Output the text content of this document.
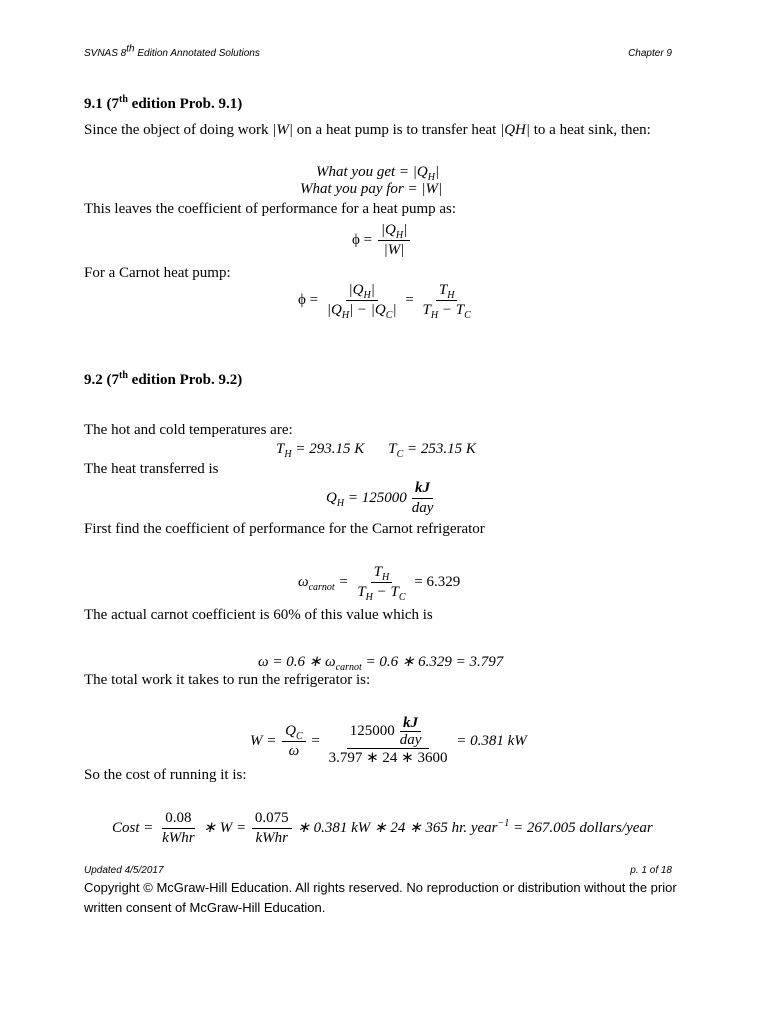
SVNAS 8th Edition Annotated Solutions	Chapter 9
9.1 (7th edition Prob. 9.1)
Since the object of doing work |W| on a heat pump is to transfer heat |QH| to a heat sink, then:
What you get = $|Q_H|$
What you pay for = |W|
This leaves the coefficient of performance for a heat pump as:
$\phi = \frac{|Q_H|}{|W|}$
For a Carnot heat pump:
$\phi = \frac{|Q_H|}{|Q_H| - |Q_C|} = \frac{T_H}{T_H - T_C}$
9.2 (7th edition Prob. 9.2)
The hot and cold temperatures are:
$T_H = 293.15$ K $T_C = 253.15$ K
The heat transferred is
$Q_H = 125000 \frac{kJ}{\text{day}}$
First find the coefficient of performance for the Carnot refrigerator
$\omega_{carnot} = \frac{T_H}{T_H - T_C} = 6.329$
The actual carnot coefficient is 60% of this value which is
ω = 0.6 ∗ $\omega_{carnot} = 0.6$ ∗ 6.329 = 3.797
The total work it takes to run the refrigerator is:
$W = \frac{Q_C}{\omega} = \frac{125000 \frac{kJ}{\text{day}}}{3.797 ∗ 24 ∗ 3600} = 0.381$ kW
So the cost of running it is:
Cost = $\frac{0.08}{\text{kWhr}}$ ∗ $W = \frac{0.075}{\text{kWhr}}$ ∗ 0.381 kW ∗ 24 ∗ 365 hr. year$^{-1}$ = 267.005 dollars/year
Updated 4/5/2017	p. 1 of 18
Copyright © McGraw-Hill Education. All rights reserved. No reproduction or distribution without the prior
written consent of McGraw-Hill Education.
